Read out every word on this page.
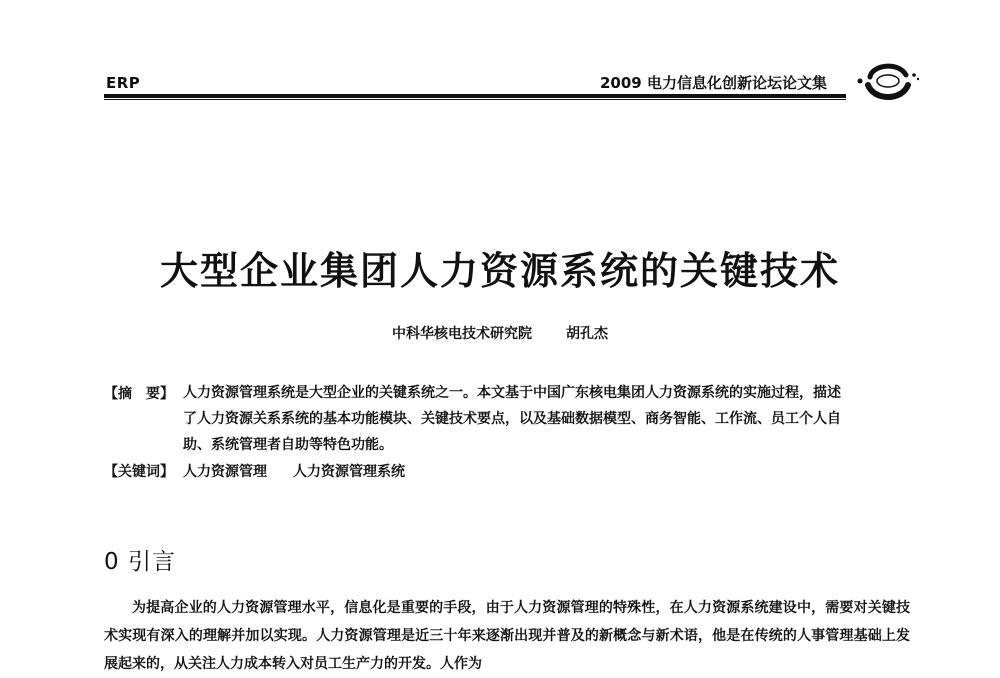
ERP	2009 电力信息化创新论坛论文集
大型企业集团人力资源系统的关键技术
中科华核电技术研究院 胡孔杰
【摘　要】 人力资源管理系统是大型企业的关键系统之一。本文基于中国广东核电集团人力资源系统的实施过程，描述了人力资源关系系统的基本功能模块、关键技术要点，以及基础数据模型、商务智能、工作流、员工个人自助、系统管理者自助等特色功能。
【关键词】 人力资源管理 人力资源管理系统
0 引言
为提高企业的人力资源管理水平，信息化是重要的手段，由于人力资源管理的特殊性，在人力资源系统建设中，需要对关键技术实现有深入的理解并加以实现。人力资源管理是近三十年来逐渐出现并普及的新概念与新术语，他是在传统的人事管理基础上发展起来的，从关注人力成本转入对员工生产力的开发。人作为
